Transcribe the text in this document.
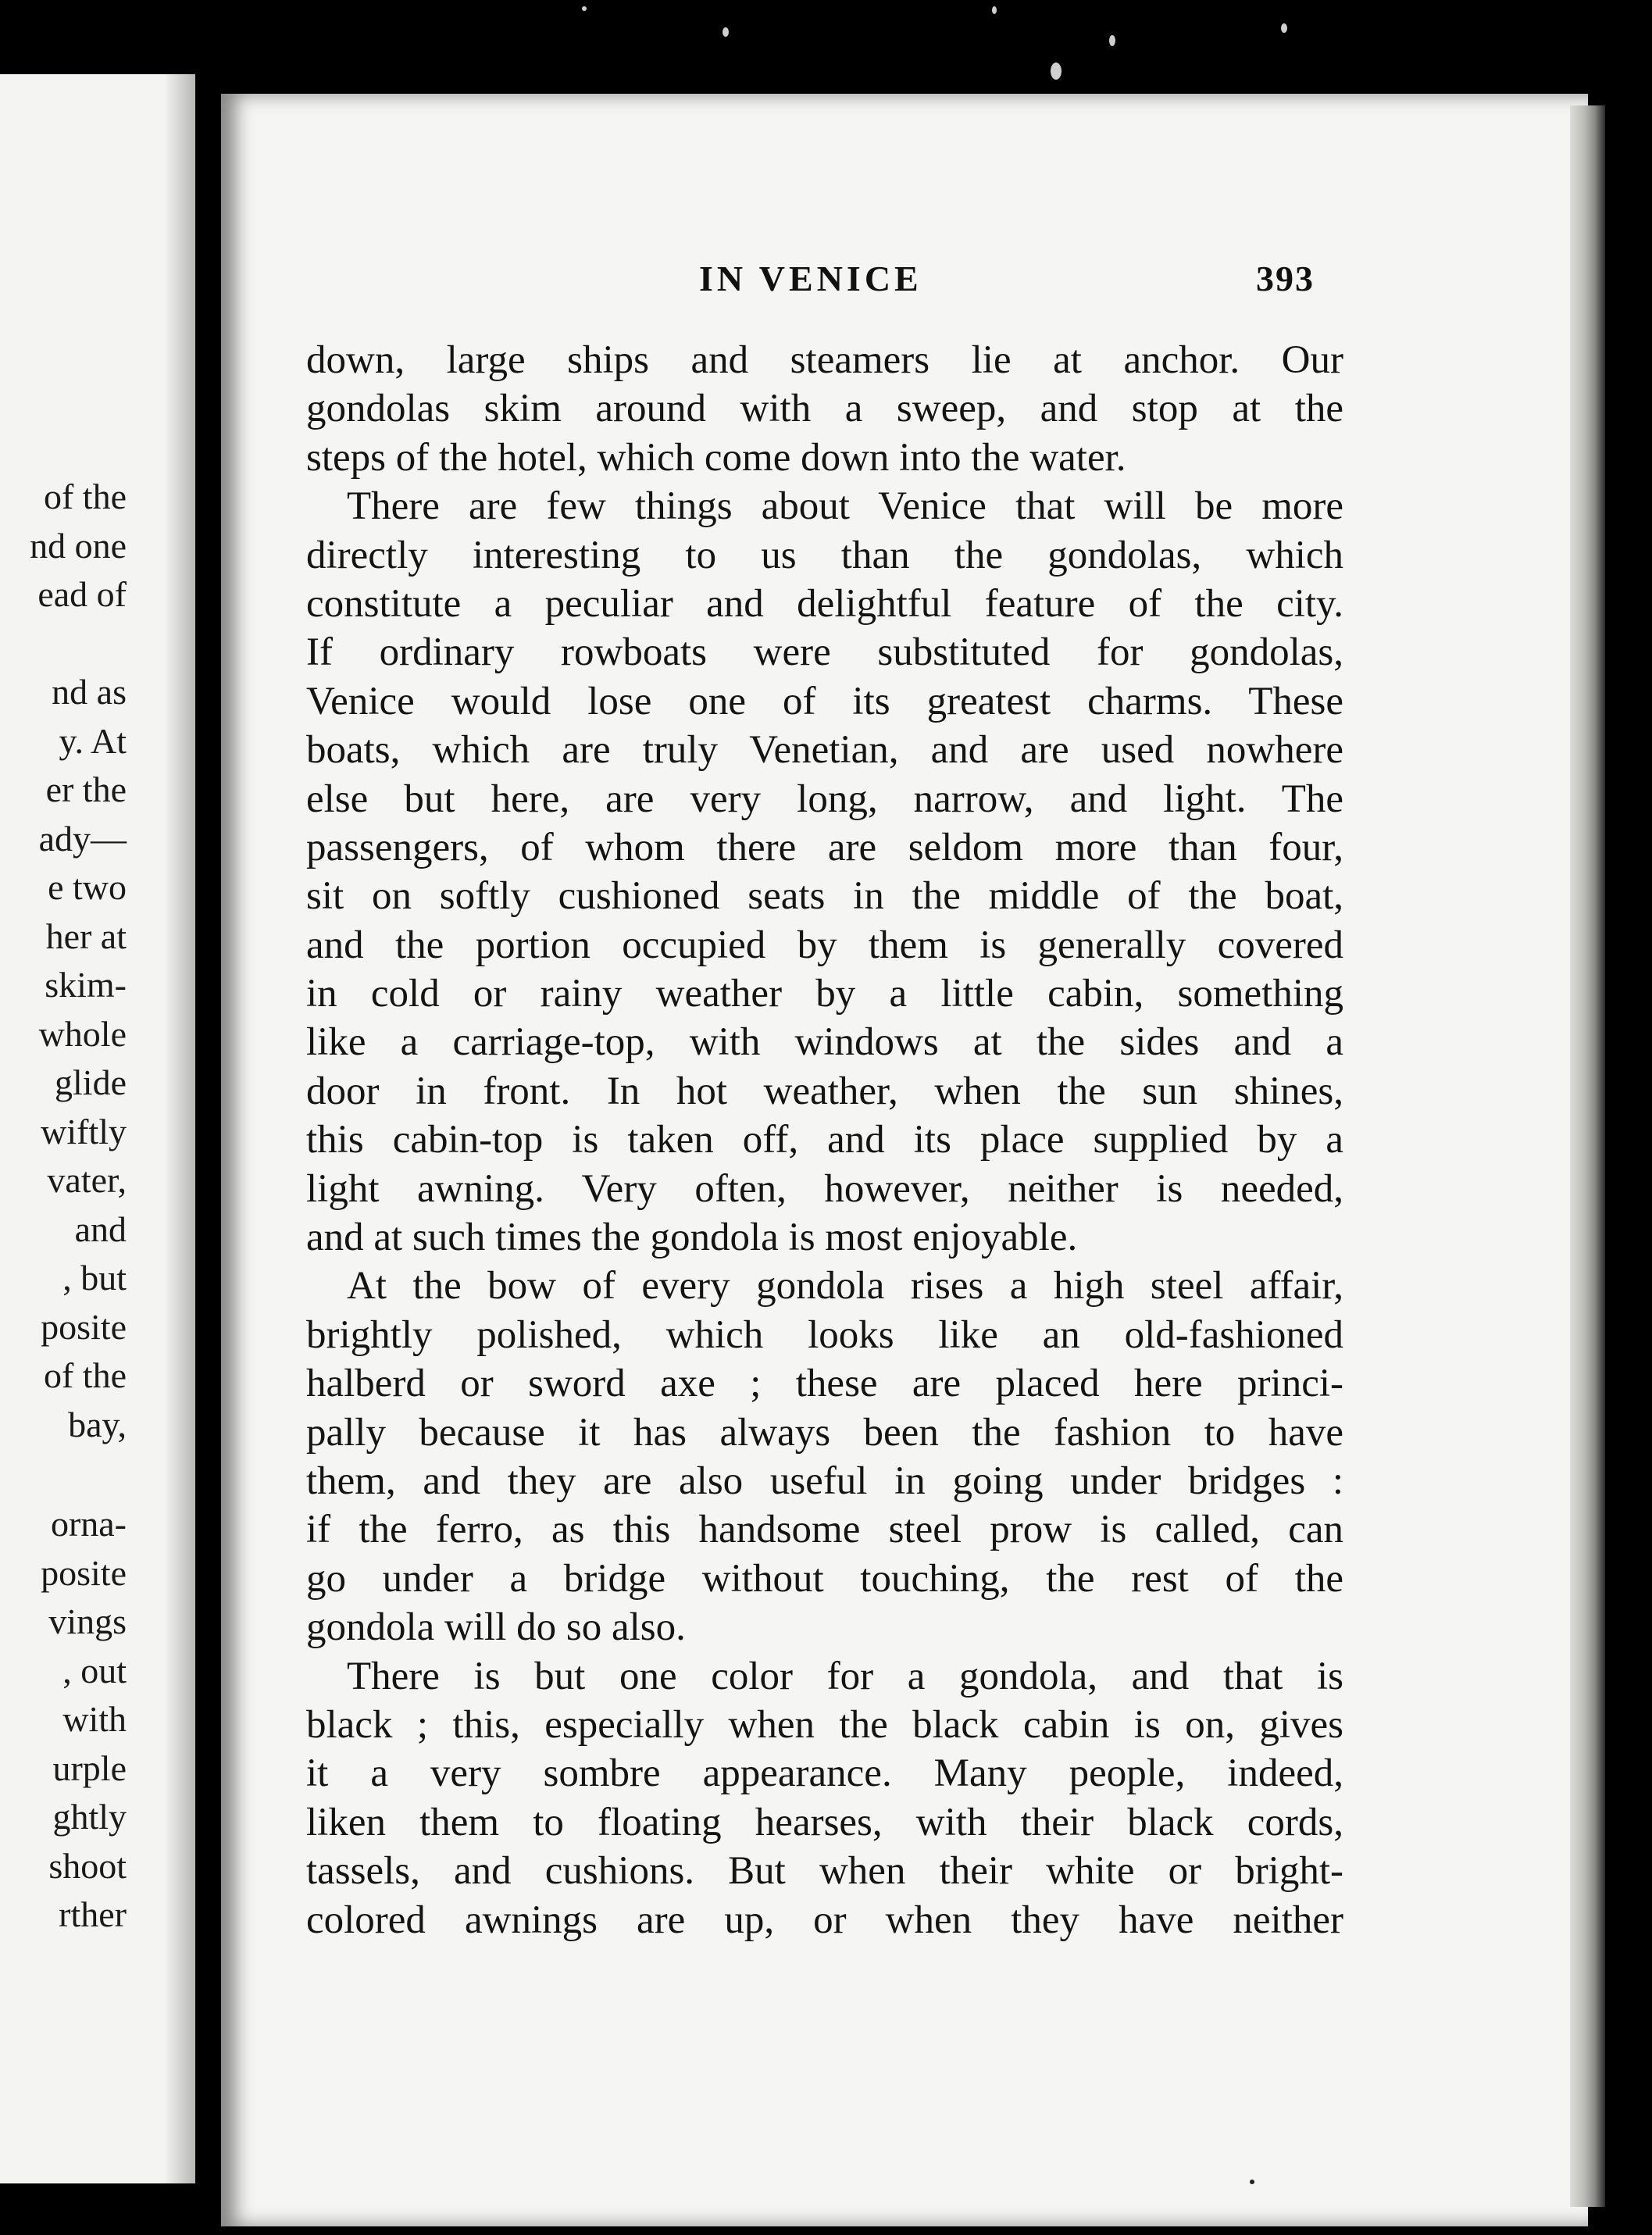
of the
nd one
ead of
nd as
y. At
er the
ady—
e two
her at
skim-
whole
glide
wiftly
vater,
and
, but
posite
of the
bay,
orna-
posite
vings
, out
with
urple
ghtly
shoot
rther
IN VENICE	393
down, large ships and steamers lie at anchor. Our
gondolas skim around with a sweep, and stop at the
steps of the hotel, which come down into the water.
There are few things about Venice that will be more
directly interesting to us than the gondolas, which
constitute a peculiar and delightful feature of the city.
If ordinary rowboats were substituted for gondolas,
Venice would lose one of its greatest charms. These
boats, which are truly Venetian, and are used nowhere
else but here, are very long, narrow, and light. The
passengers, of whom there are seldom more than four,
sit on softly cushioned seats in the middle of the boat,
and the portion occupied by them is generally covered
in cold or rainy weather by a little cabin, something
like a carriage-top, with windows at the sides and a
door in front. In hot weather, when the sun shines,
this cabin-top is taken off, and its place supplied by a
light awning. Very often, however, neither is needed,
and at such times the gondola is most enjoyable.
At the bow of every gondola rises a high steel affair,
brightly polished, which looks like an old-fashioned
halberd or sword axe ; these are placed here princi-
pally because it has always been the fashion to have
them, and they are also useful in going under bridges :
if the ferro, as this handsome steel prow is called, can
go under a bridge without touching, the rest of the
gondola will do so also.
There is but one color for a gondola, and that is
black ; this, especially when the black cabin is on, gives
it a very sombre appearance. Many people, indeed,
liken them to floating hearses, with their black cords,
tassels, and cushions. But when their white or bright-
colored awnings are up, or when they have neither
